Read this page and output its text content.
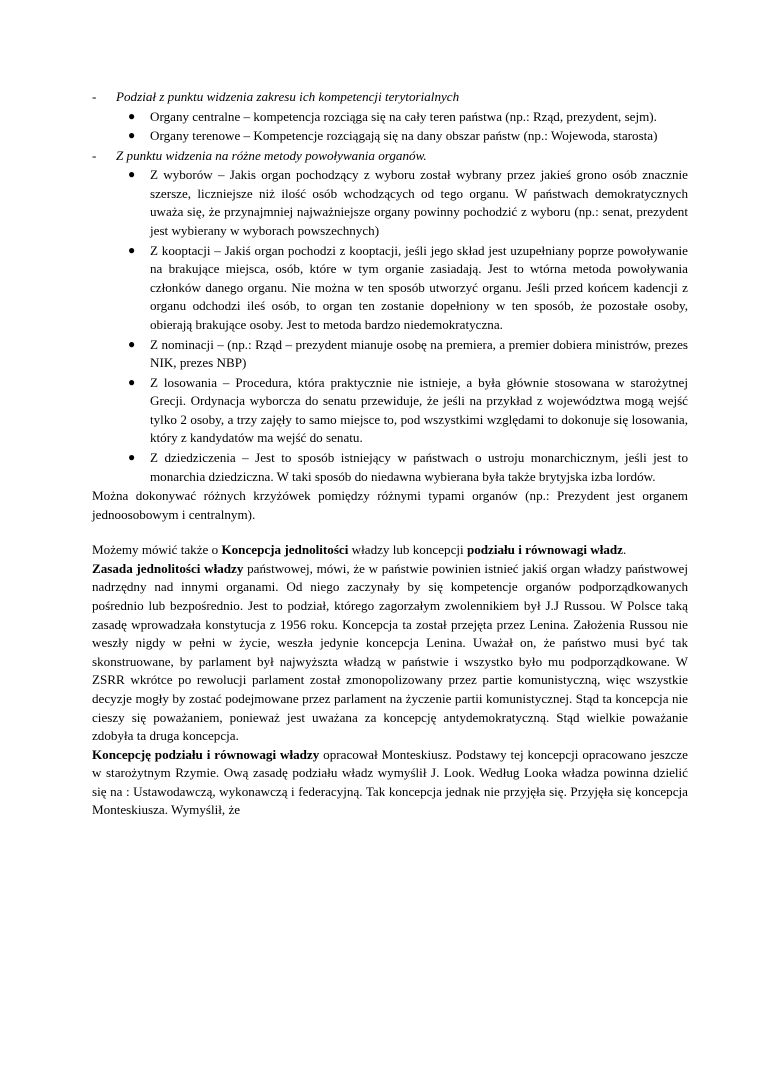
-	Podział z punktu widzenia zakresu ich kompetencji terytorialnych
●	Organy centralne – kompetencja rozciąga się na cały teren państwa (np.: Rząd, prezydent, sejm).
●	Organy terenowe – Kompetencje rozciągają się na dany obszar państw (np.: Wojewoda, starosta)
-	Z punktu widzenia na różne metody powoływania organów.
●	Z wyborów – Jakis organ pochodzący z wyboru został wybrany przez jakieś grono osób znacznie szersze, liczniejsze niż ilość osób wchodzących od tego organu. W państwach demokratycznych uważa się, że przynajmniej najważniejsze organy powinny pochodzić z wyboru (np.: senat, prezydent jest wybierany w wyborach powszechnych)
●	Z kooptacji – Jakiś organ pochodzi z kooptacji, jeśli jego skład jest uzupełniany poprze powoływanie na brakujące miejsca, osób, które w tym organie zasiadają. Jest to wtórna metoda powoływania członków danego organu. Nie można w ten sposób utworzyć organu. Jeśli przed końcem kadencji z organu odchodzi ileś osób, to organ ten zostanie dopełniony w ten sposób, że pozostałe osoby, obierają brakujące osoby. Jest to metoda bardzo niedemokratyczna.
●	Z nominacji – (np.: Rząd – prezydent mianuje osobę na premiera, a premier dobiera ministrów, prezes NIK, prezes NBP)
●	Z losowania – Procedura, która praktycznie nie istnieje, a była głównie stosowana w starożytnej Grecji. Ordynacja wyborcza do senatu przewiduje, że jeśli na przykład z województwa mogą wejść tylko 2 osoby, a trzy zajęły to samo miejsce to, pod wszystkimi względami to dokonuje się losowania, który z kandydatów ma wejść do senatu.
●	Z dziedziczenia – Jest to sposób istniejący w państwach o ustroju monarchicznym, jeśli jest to monarchia dziedziczna. W taki sposób do niedawna wybierana była także brytyjska izba lordów.

Można dokonywać różnych krzyżówek pomiędzy różnymi typami organów (np.: Prezydent jest organem jednoosobowym i centralnym).

Możemy mówić także o Koncepcja jednolitości władzy lub koncepcji podziału i równowagi władz.

Zasada jednolitości władzy państwowej, mówi, że w państwie powinien istnieć jakiś organ władzy państwowej nadrzędny nad innymi organami. Od niego zaczynały by się kompetencje organów podporządkowanych pośrednio lub bezpośrednio. Jest to podział, którego zagorzałym zwolennikiem był J.J Russou. W Polsce taką zasadę wprowadzała konstytucja z 1956 roku. Koncepcja ta został przejęta przez Lenina. Założenia Russou nie weszły nigdy w pełni w życie, weszła jedynie koncepcja Lenina. Uważał on, że państwo musi być tak skonstruowane, by parlament był najwyższta władzą w państwie i wszystko było mu podporządkowane. W ZSRR wkrótce po rewolucji parlament został zmonopolizowany przez partie komunistyczną, więc wszystkie decyzje mogły by zostać podejmowane przez parlament na życzenie partii komunistycznej. Stąd ta koncepcja nie cieszy się poważaniem, ponieważ jest uważana za koncepcję antydemokratyczną. Stąd wielkie poważanie zdobyła ta druga koncepcja.

Koncepcję podziału i równowagi władzy opracował Monteskiusz. Podstawy tej koncepcji opracowano jeszcze w starożytnym Rzymie. Ową zasadę podziału władz wymyślił J. Look. Według Looka władza powinna dzielić się na : Ustawodawczą, wykonawczą i federacyjną. Tak koncepcja jednak nie przyjęła się. Przyjęła się koncepcja Monteskiusza. Wymyślił, że
